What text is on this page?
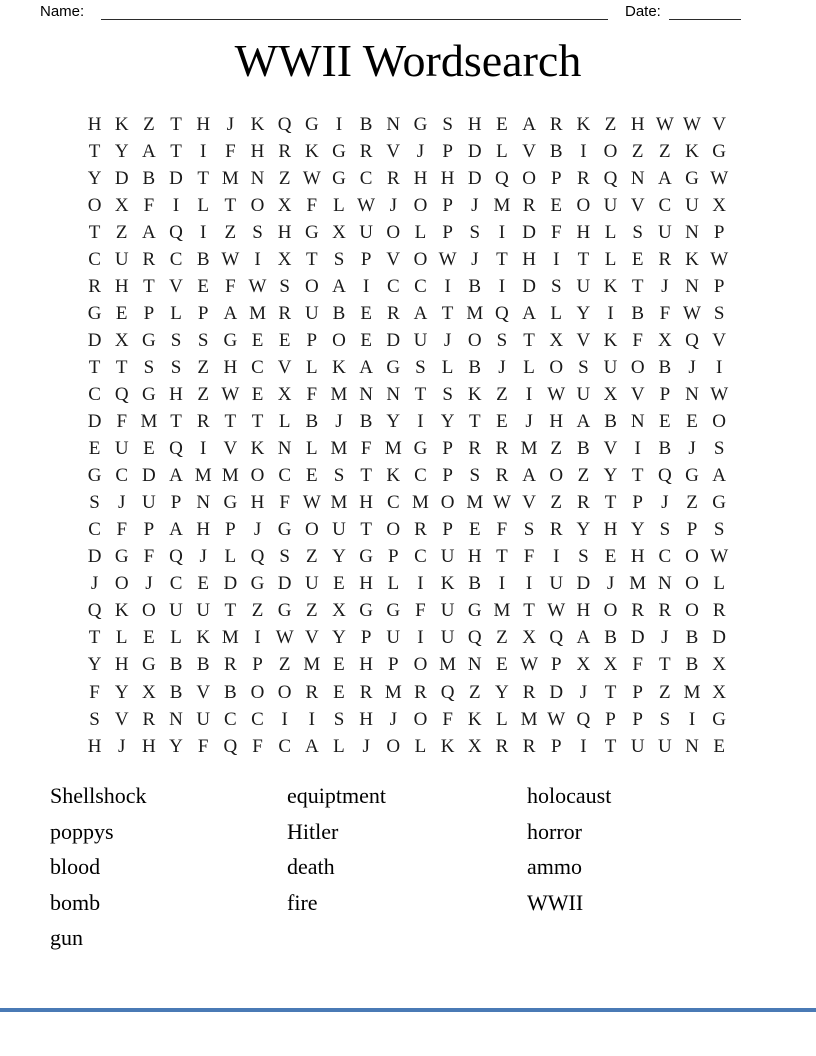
Name:	Date:
WWII Wordsearch
H K Z T H J K Q G I B N G S H E A R K Z H W W V
T Y A T I F H R K G R V J P D L V B I O Z Z K G
Y D B D T M N Z W G C R H H D Q O P R Q N A G W
O X F I L T O X F L W J O P J M R E O U V C U X
T Z A Q I Z S H G X U O L P S I D F H L S U N P
C U R C B W I X T S P V O W J T H I T L E R K W
R H T V E F W S O A I C C I B I D S U K T J N P
G E P L P A M R U B E R A T M Q A L Y I B F W S
D X G S S G E E P O E D U J O S T X V K F X Q V
T T S S Z H C V L K A G S L B J L O S U O B J	I
C Q G H Z W E X F M N N T S K Z I W U X V P N W
D F M T R T T L B J B Y I Y T E J H A B N E E O
E U E Q I V K N L M F M G P R R M Z B V I B J S
G C D A M M O C E S T K C P S R A O Z Y T Q G A
S J U P N G H F W M H C M O M W V Z R T P J Z G
C F P A H P J G O U T O R P E F S R Y H Y S P S
D G F Q J L Q S Z Y G P C U H T F I S E H C O W
J O J C E D G D U E H L I K B I	I U D J M N O L
Q K O U U T Z G Z X G G F U G M T W H O R R O R
T L E L K M I W V Y P U I U Q Z X Q A B D J B D
Y H G B B R P Z M E H P O M N E W P X X F T B X
F Y X B V B O O R E R M R Q Z Y R D J T P Z M X
S V R N U C C I	I S H J O F K L M W Q P P S I G
H J H Y F Q F C A L J O L K X R R P I T U U N E
Shellshock
poppys
blood
bomb
gun
equiptment
Hitler
death
fire
holocaust
horror
ammo
WWII
